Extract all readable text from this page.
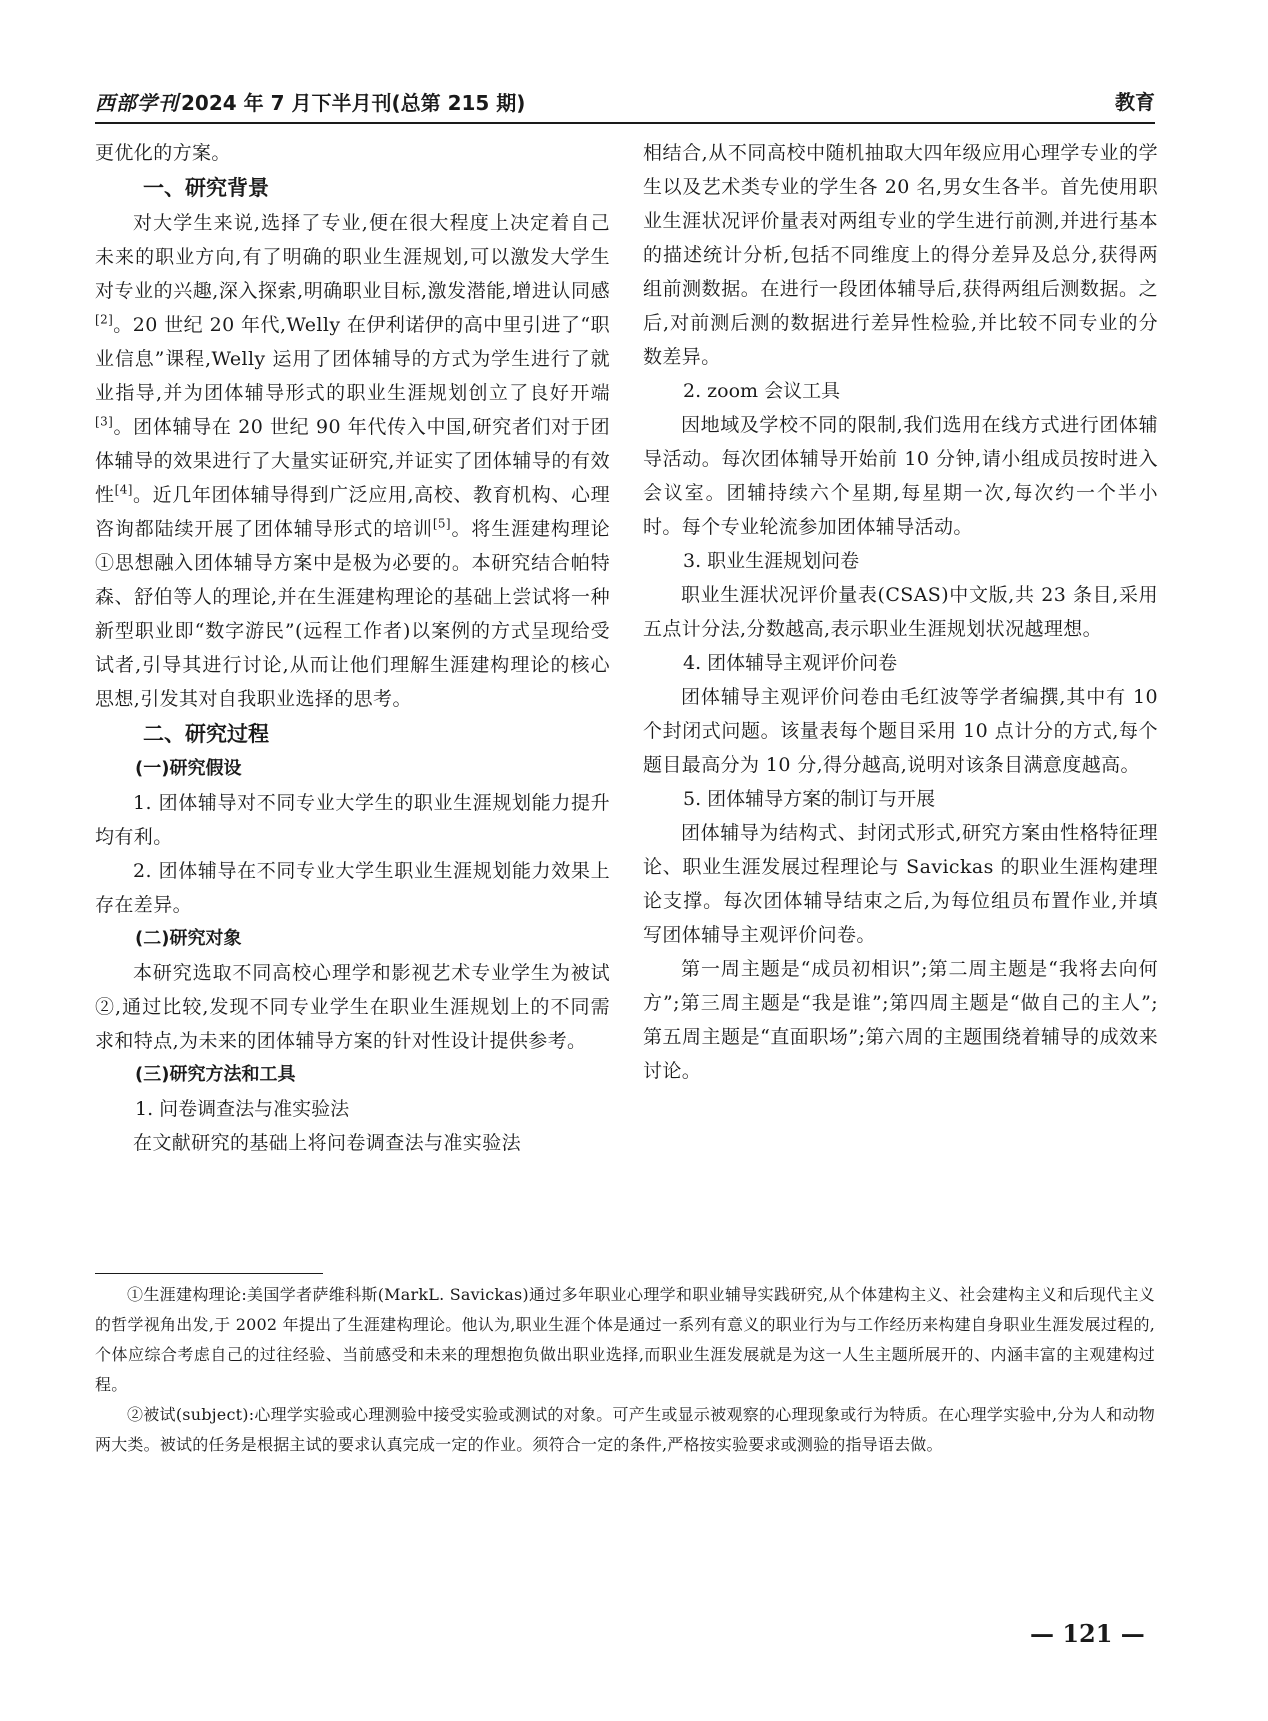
西部学刊 2024 年 7 月下半月刊(总第 215 期)	教育

更优化的方案。

一、研究背景

对大学生来说,选择了专业,便在很大程度上决定着自己未来的职业方向,有了明确的职业生涯规划,可以激发大学生对专业的兴趣,深入探索,明确职业目标,激发潜能,增进认同感[2]。20 世纪 20 年代,Welly 在伊利诺伊的高中里引进了“职业信息”课程,Welly 运用了团体辅导的方式为学生进行了就业指导,并为团体辅导形式的职业生涯规划创立了良好开端[3]。团体辅导在 20 世纪 90 年代传入中国,研究者们对于团体辅导的效果进行了大量实证研究,并证实了团体辅导的有效性[4]。近几年团体辅导得到广泛应用,高校、教育机构、心理咨询都陆续开展了团体辅导形式的培训[5]。将生涯建构理论①思想融入团体辅导方案中是极为必要的。本研究结合帕特森、舒伯等人的理论,并在生涯建构理论的基础上尝试将一种新型职业即“数字游民”(远程工作者)以案例的方式呈现给受试者,引导其进行讨论,从而让他们理解生涯建构理论的核心思想,引发其对自我职业选择的思考。

二、研究过程

(一)研究假设

1. 团体辅导对不同专业大学生的职业生涯规划能力提升均有利。

2. 团体辅导在不同专业大学生职业生涯规划能力效果上存在差异。

(二)研究对象

本研究选取不同高校心理学和影视艺术专业学生为被试②,通过比较,发现不同专业学生在职业生涯规划上的不同需求和特点,为未来的团体辅导方案的针对性设计提供参考。

(三)研究方法和工具

1. 问卷调查法与准实验法

在文献研究的基础上将问卷调查法与准实验法

相结合,从不同高校中随机抽取大四年级应用心理学专业的学生以及艺术类专业的学生各 20 名,男女生各半。首先使用职业生涯状况评价量表对两组专业的学生进行前测,并进行基本的描述统计分析,包括不同维度上的得分差异及总分,获得两组前测数据。在进行一段团体辅导后,获得两组后测数据。之后,对前测后测的数据进行差异性检验,并比较不同专业的分数差异。

2. zoom 会议工具

因地域及学校不同的限制,我们选用在线方式进行团体辅导活动。每次团体辅导开始前 10 分钟,请小组成员按时进入会议室。团辅持续六个星期,每星期一次,每次约一个半小时。每个专业轮流参加团体辅导活动。

3. 职业生涯规划问卷

职业生涯状况评价量表(CSAS)中文版,共 23 条目,采用五点计分法,分数越高,表示职业生涯规划状况越理想。

4. 团体辅导主观评价问卷

团体辅导主观评价问卷由毛红波等学者编撰,其中有 10 个封闭式问题。该量表每个题目采用 10 点计分的方式,每个题目最高分为 10 分,得分越高,说明对该条目满意度越高。

5. 团体辅导方案的制订与开展

团体辅导为结构式、封闭式形式,研究方案由性格特征理论、职业生涯发展过程理论与 Savickas 的职业生涯构建理论支撑。每次团体辅导结束之后,为每位组员布置作业,并填写团体辅导主观评价问卷。

第一周主题是“成员初相识”;第二周主题是“我将去向何方”;第三周主题是“我是谁”;第四周主题是“做自己的主人”;第五周主题是“直面职场”;第六周的主题围绕着辅导的成效来讨论。

①生涯建构理论:美国学者萨维科斯(MarkL. Savickas)通过多年职业心理学和职业辅导实践研究,从个体建构主义、社会建构主义和后现代主义的哲学视角出发,于 2002 年提出了生涯建构理论。他认为,职业生涯个体是通过一系列有意义的职业行为与工作经历来构建自身职业生涯发展过程的,个体应综合考虑自己的过往经验、当前感受和未来的理想抱负做出职业选择,而职业生涯发展就是为这一人生主题所展开的、内涵丰富的主观建构过程。

②被试(subject):心理学实验或心理测验中接受实验或测试的对象。可产生或显示被观察的心理现象或行为特质。在心理学实验中,分为人和动物两大类。被试的任务是根据主试的要求认真完成一定的作业。须符合一定的条件,严格按实验要求或测验的指导语去做。

— 121 —
